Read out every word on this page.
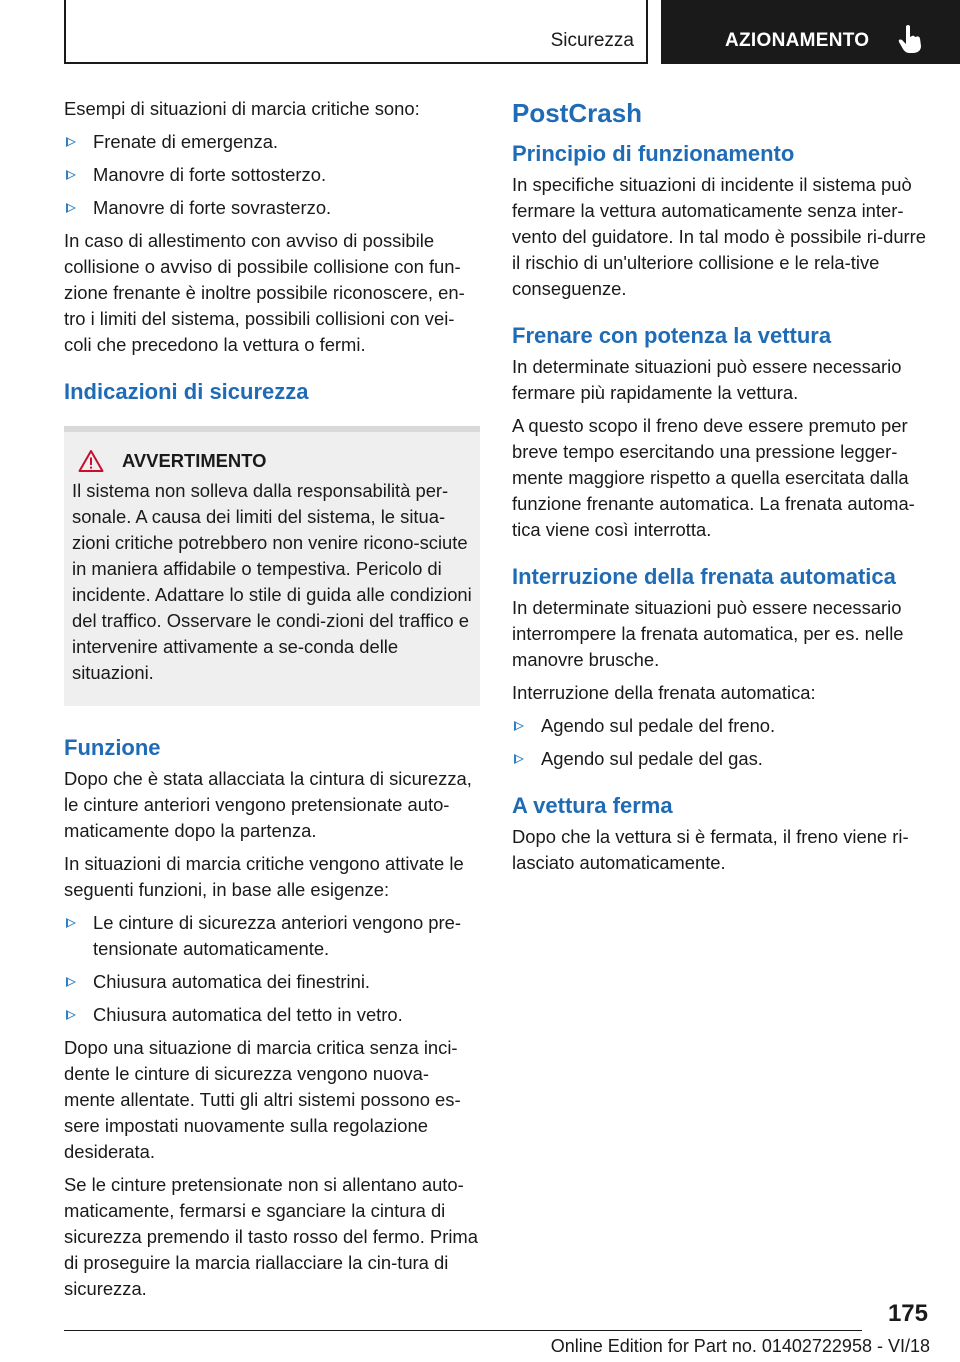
Sicurezza	AZIONAMENTO

Esempi di situazioni di marcia critiche sono:

Frenate di emergenza.
Manovre di forte sottosterzo.
Manovre di forte sovrasterzo.

In caso di allestimento con avviso di possibile collisione o avviso di possibile collisione con fun-zione frenante è inoltre possibile riconoscere, en-tro i limiti del sistema, possibili collisioni con vei-coli che precedono la vettura o fermi.

Indicazioni di sicurezza
AVVERTIMENTO

Il sistema non solleva dalla responsabilità per-sonale. A causa dei limiti del sistema, le situa-zioni critiche potrebbero non venire ricono-sciute in maniera affidabile o tempestiva. Pericolo di incidente. Adattare lo stile di guida alle condizioni del traffico. Osservare le condi-zioni del traffico e intervenire attivamente a se-conda delle situazioni.

Funzione

Dopo che è stata allacciata la cintura di sicurezza, le cinture anteriori vengono pretensionate auto-maticamente dopo la partenza.

In situazioni di marcia critiche vengono attivate le seguenti funzioni, in base alle esigenze:

Le cinture di sicurezza anteriori vengono pre-tensionate automaticamente.
Chiusura automatica dei finestrini.
Chiusura automatica del tetto in vetro.

Dopo una situazione di marcia critica senza inci-dente le cinture di sicurezza vengono nuova-mente allentate. Tutti gli altri sistemi possono es-sere impostati nuovamente sulla regolazione desiderata.

Se le cinture pretensionate non si allentano auto-maticamente, fermarsi e sganciare la cintura di sicurezza premendo il tasto rosso del fermo. Prima di proseguire la marcia riallacciare la cin-tura di sicurezza.

PostCrash
Principio di funzionamento

In specifiche situazioni di incidente il sistema può fermare la vettura automaticamente senza inter-vento del guidatore. In tal modo è possibile ri-durre il rischio di un'ulteriore collisione e le rela-tive conseguenze.

Frenare con potenza la vettura

In determinate situazioni può essere necessario fermare più rapidamente la vettura.

A questo scopo il freno deve essere premuto per breve tempo esercitando una pressione legger-mente maggiore rispetto a quella esercitata dalla funzione frenante automatica. La frenata automa-tica viene così interrotta.

Interruzione della frenata automatica

In determinate situazioni può essere necessario interrompere la frenata automatica, per es. nelle manovre brusche.

Interruzione della frenata automatica:

Agendo sul pedale del freno.
Agendo sul pedale del gas.
A vettura ferma

Dopo che la vettura si è fermata, il freno viene ri-lasciato automaticamente.

175
Online Edition for Part no. 01402722958 - VI/18
